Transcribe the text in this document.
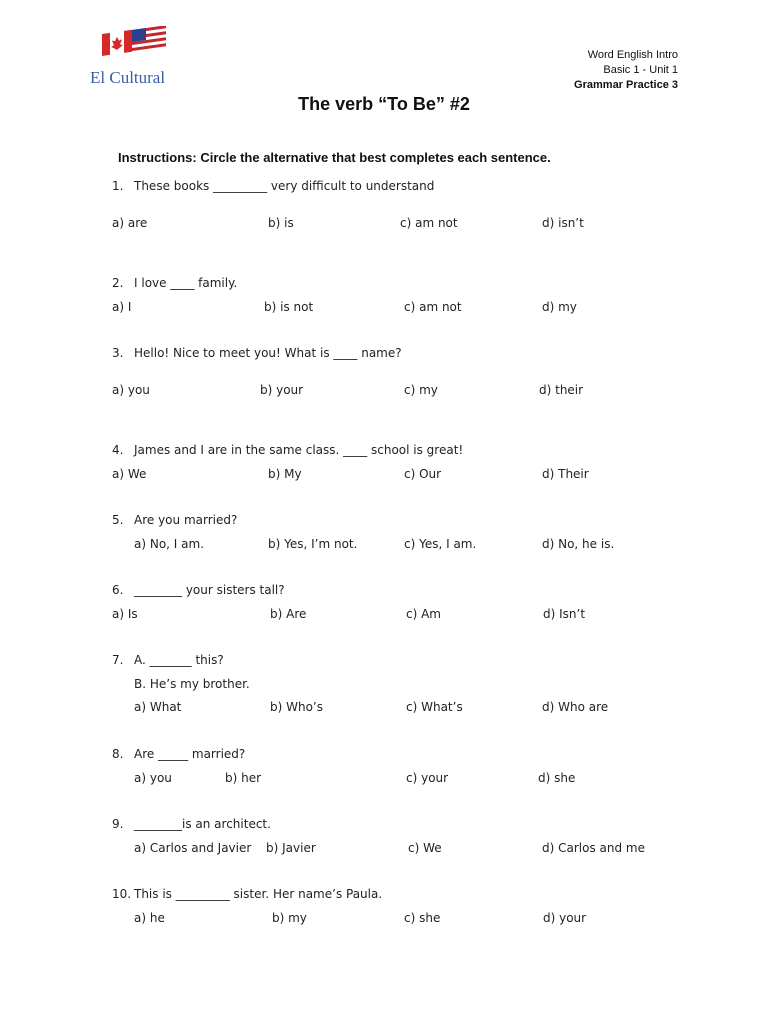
El Cultural
Word English Intro
Basic 1 - Unit 1
Grammar Practice 3
The verb “To Be” #2
Instructions: Circle the alternative that best completes each sentence.
1. These books _________ very difficult to understand
a) are	b) is	c) am not	d) isn’t
2. I love ____ family.
a) I	b) is not	c) am not	d) my
3. Hello! Nice to meet you! What is ____ name?
a) you	b) your	c) my	d) their
4. James and I are in the same class. ____ school is great!
a) We	b) My	c) Our	d) Their
5. Are you married?
a) No, I am.	b) Yes, I’m not.	c) Yes, I am.	d) No, he is.
6. ________ your sisters tall?
a) Is	b) Are	c) Am	d) Isn’t
7. A. _______ this?
B. He’s my brother.
a) What	b) Who’s	c) What’s	d) Who are
8. Are _____ married?
a) you	b) her	c) your	d) she
9. ________is an architect.
a) Carlos and Javier b) Javier	c) We	d) Carlos and me
10. This is _________ sister. Her name’s Paula.
a) he	b) my	c) she	d) your
